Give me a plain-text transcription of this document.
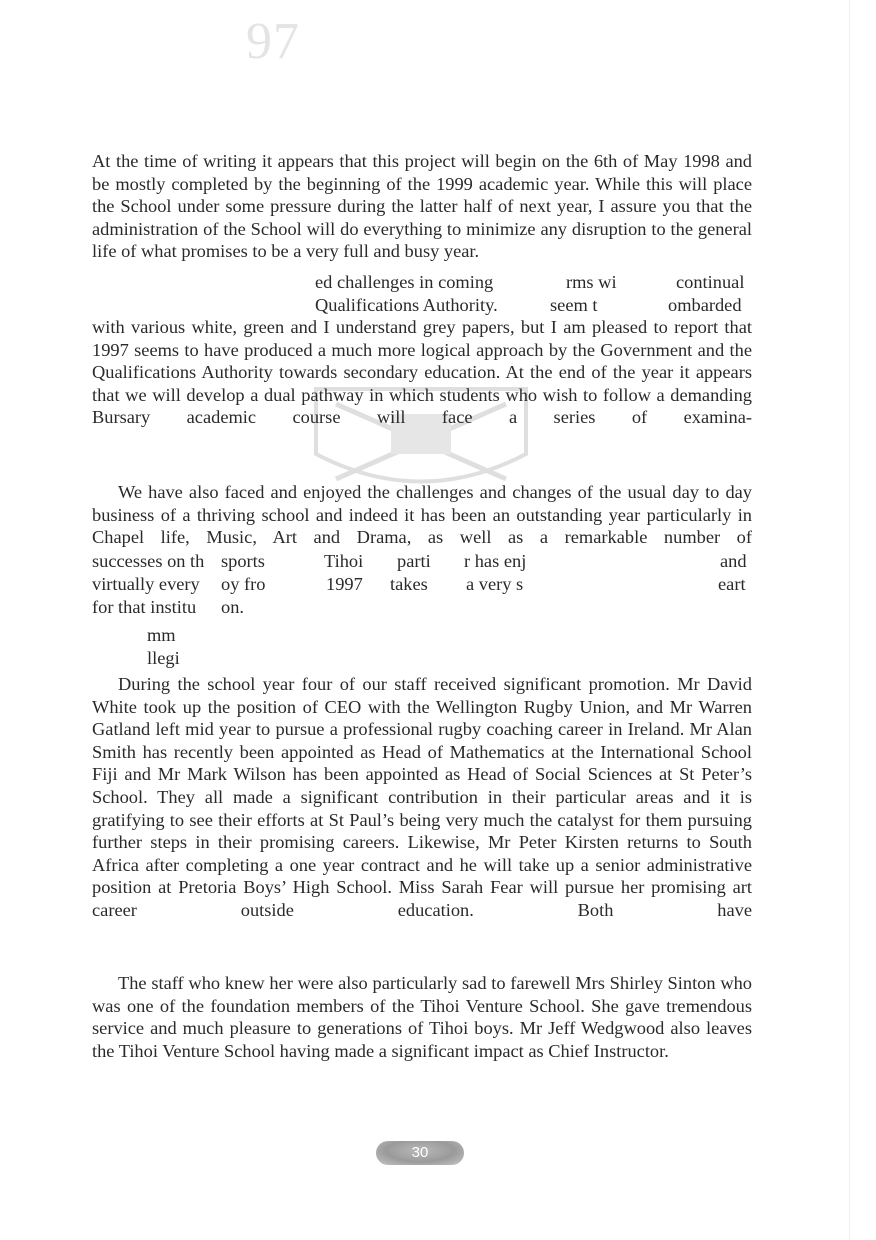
97

At the time of writing it appears that this project will begin on the 6th of May 1998 and be mostly completed by the beginning of the 1999 academic year. While this will place the School under some pressure during the latter half of next year, I assure you that the administration of the School will do everything to minimize any disruption to the general life of what promises to be a very full and busy year.

ed challenges in coming	rms wi	continual
Qualifications Authority.	seem t	ombarded

with various white, green and I understand grey papers, but I am pleased to report that 1997 seems to have produced a much more logical approach by the Government and the Qualifications Authority towards secondary education. At the end of the year it appears that we will develop a dual pathway in which students who wish to follow a demanding Bursary academic course will face a series of examina-

We have also faced and enjoyed the challenges and changes of the usual day to day business of a thriving school and indeed it has been an outstanding year particularly in Chapel life, Music, Art and Drama, as well as a remarkable number of

successes on th sports	Tihoi parti r has enj	and
virtually every oy fro	1997 takes a very s	eart
for that institu on.
mm
llegi

During the school year four of our staff received significant promotion. Mr David White took up the position of CEO with the Wellington Rugby Union, and Mr Warren Gatland left mid year to pursue a professional rugby coaching career in Ireland. Mr Alan Smith has recently been appointed as Head of Mathematics at the International School Fiji and Mr Mark Wilson has been appointed as Head of Social Sciences at St Peter’s School. They all made a significant contribution in their particular areas and it is gratifying to see their efforts at St Paul’s being very much the catalyst for them pursuing further steps in their promising careers. Likewise, Mr Peter Kirsten returns to South Africa after completing a one year contract and he will take up a senior administrative position at Pretoria Boys’ High School. Miss Sarah Fear will pursue her promising art career outside education. Both have

The staff who knew her were also particularly sad to farewell Mrs Shirley Sinton who was one of the foundation members of the Tihoi Venture School. She gave tremendous service and much pleasure to generations of Tihoi boys. Mr Jeff Wedgwood also leaves the Tihoi Venture School having made a significant impact as Chief Instructor.

30
